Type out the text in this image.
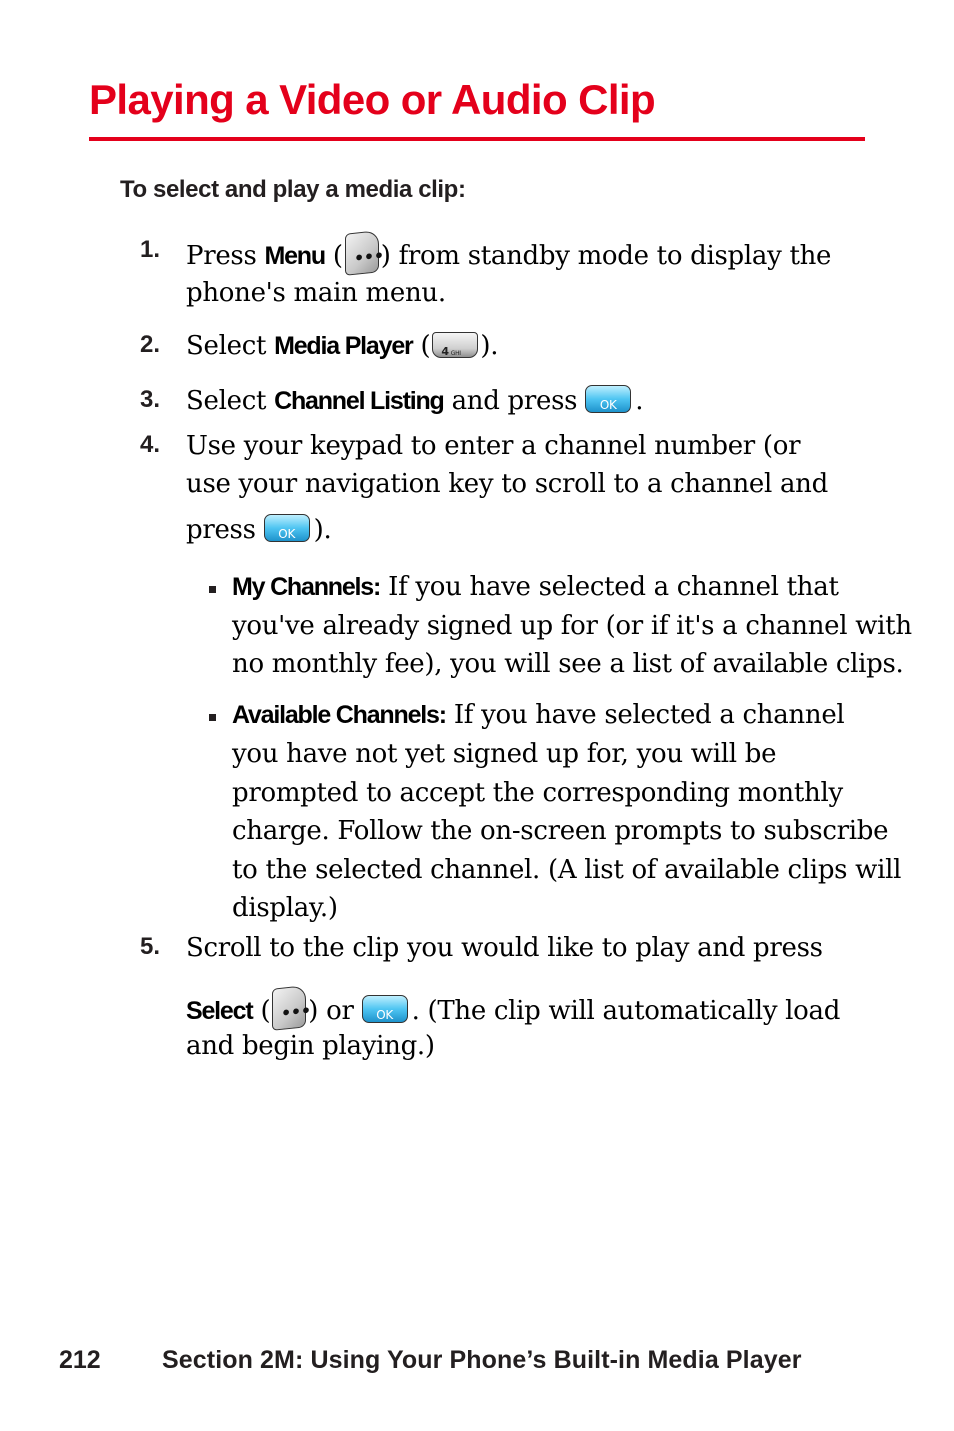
Playing a Video or Audio Clip
To select and play a media clip:
1. Press Menu ( •••
) from standby mode to display the
phone's main menu.
2. Select Media Player ( 4 GHI ).
3. Select Channel Listing and press	OK .
4. Use your keypad to enter a channel number (or
use your navigation key to scroll to a channel and
press	OK ).
My Channels: If you have selected a channel that
you've already signed up for (or if it's a channel with
no monthly fee), you will see a list of available clips.
Available Channels: If you have selected a channel
you have not yet signed up for, you will be
prompted to accept the corresponding monthly
charge. Follow the on-screen prompts to subscribe
to the selected channel. (A list of available clips will
display.)
5. Scroll to the clip you would like to play and press
Select ( •••
) or	OK . (The clip will automatically load
and begin playing.)
212 Section 2M: Using Your Phone’s Built-in Media Player
